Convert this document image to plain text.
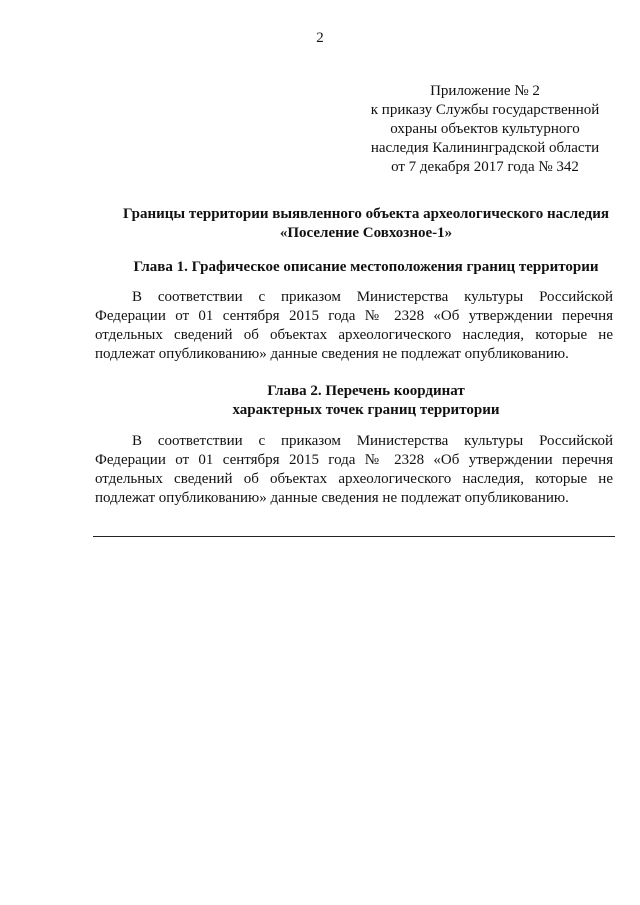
2
Приложение № 2
к приказу Службы государственной
охраны объектов культурного
наследия Калининградской области
от 7 декабря 2017 года № 342
Границы территории выявленного объекта археологического наследия
«Поселение Совхозное-1»
Глава 1. Графическое описание местоположения границ территории
В соответствии с приказом Министерства культуры Российской
Федерации от 01 сентября 2015 года № 2328 «Об утверждении перечня
отдельных сведений об объектах археологического наследия, которые не
подлежат опубликованию» данные сведения не подлежат опубликованию.
Глава 2. Перечень координат
характерных точек границ территории
В соответствии с приказом Министерства культуры Российской
Федерации от 01 сентября 2015 года № 2328 «Об утверждении перечня
отдельных сведений об объектах археологического наследия, которые не
подлежат опубликованию» данные сведения не подлежат опубликованию.
